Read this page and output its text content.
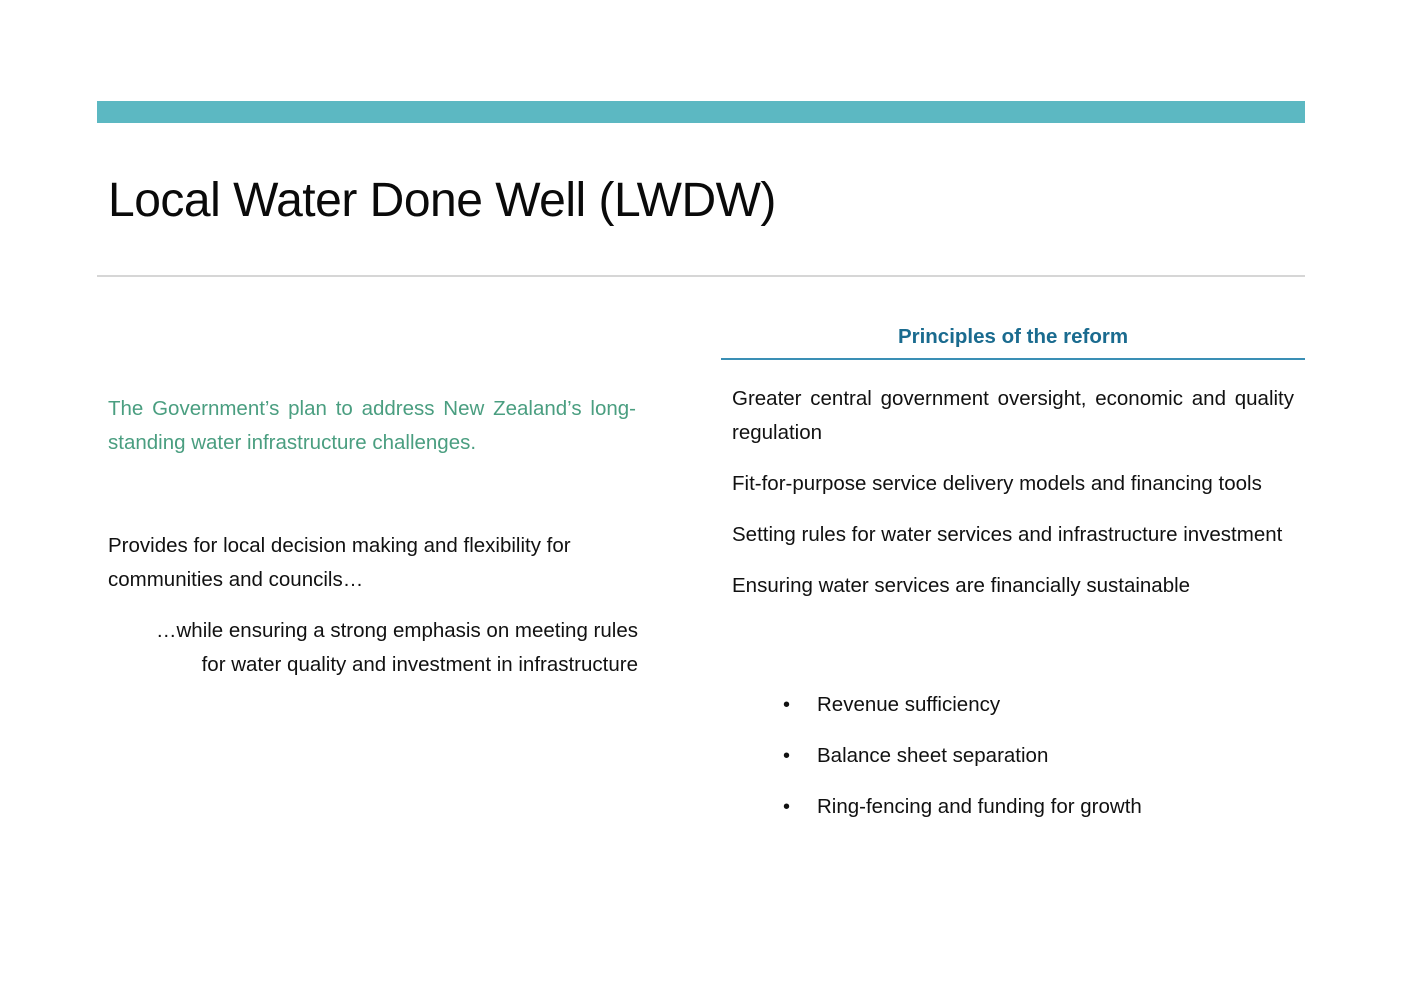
Local Water Done Well (LWDW)

The Government’s plan to address New Zealand’s long-standing water infrastructure challenges.

Provides for local decision making and flexibility for communities and councils…

…while ensuring a strong emphasis on meeting rules
for water quality and investment in infrastructure

Principles of the reform
Greater central government oversight, economic and quality regulation
Fit-for-purpose service delivery models and financing tools
Setting rules for water services and infrastructure investment
Ensuring water services are financially sustainable
•	Revenue sufficiency
•	Balance sheet separation
•	Ring-fencing and funding for growth
